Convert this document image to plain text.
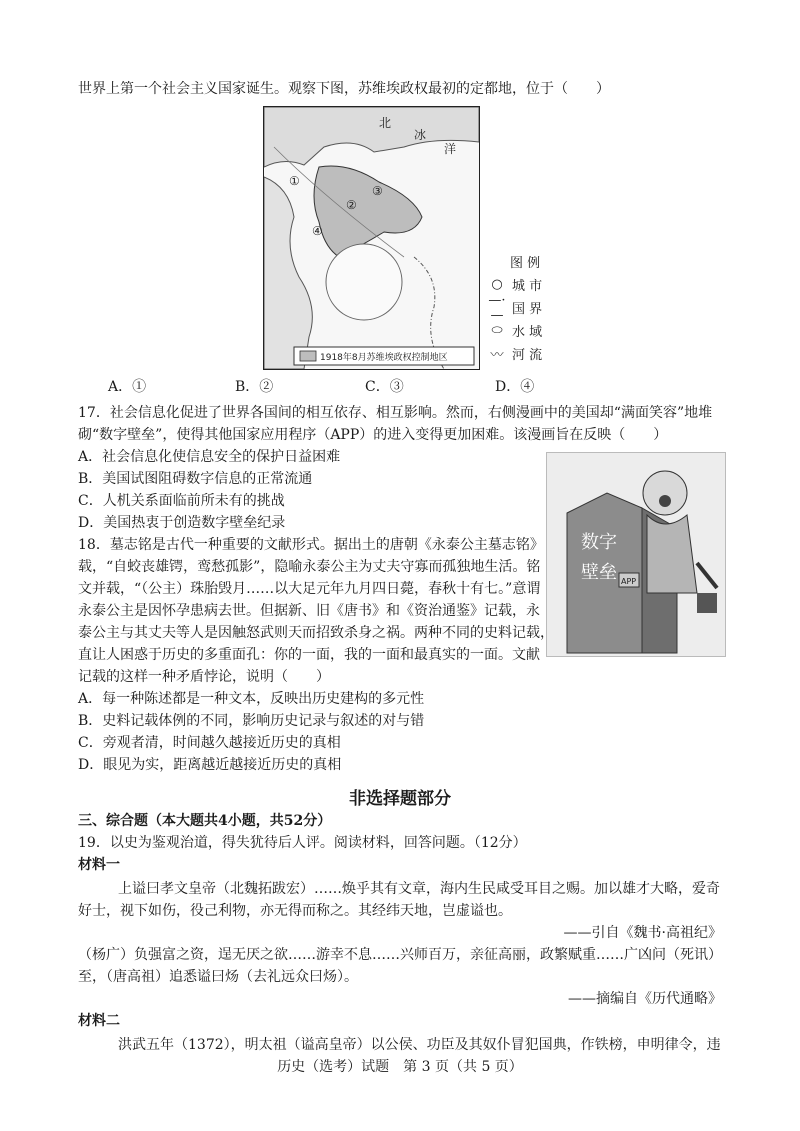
世界上第一个社会主义国家诞生。观察下图，苏维埃政权最初的定都地，位于（　　）
①
②
③
④
北
冰
洋
1918年8月苏维埃政权控制地区
图 例
○ 城 市
—·— 国 界
⬭ 水 域
〰 河 流
A．①	B．②	C．③	D．④
17．社会信息化促进了世界各国间的相互依存、相互影响。然而，右侧漫画中的美国却“满面笑容”地堆
砌“数字壁垒”，使得其他国家应用程序（APP）的进入变得更加困难。该漫画旨在反映（　　）
A．社会信息化使信息安全的保护日益困难
B．美国试图阻碍数字信息的正常流通
C．人机关系面临前所未有的挑战
D．美国热衷于创造数字壁垒纪录
数字
壁垒 APP
18．墓志铭是古代一种重要的文献形式。据出土的唐朝《永泰公主墓志铭》
载，“自蛟丧雄锷，鸾愁孤影”，隐喻永泰公主为丈夫守寡而孤独地生活。铭
文并载，“（公主）珠胎毁月……以大足元年九月四日薨，春秋十有七。”意谓
永泰公主是因怀孕患病去世。但据新、旧《唐书》和《资治通鉴》记载，永
泰公主与其丈夫等人是因触怒武则天而招致杀身之祸。两种不同的史料记载，
直让人困惑于历史的多重面孔：你的一面，我的一面和最真实的一面。文献
记载的这样一种矛盾悖论，说明（　　）
A．每一种陈述都是一种文本，反映出历史建构的多元性
B．史料记载体例的不同，影响历史记录与叙述的对与错
C．旁观者清，时间越久越接近历史的真相
D．眼见为实，距离越近越接近历史的真相
非选择题部分
三、综合题（本大题共4小题，共52分）
19．以史为鉴观治道，得失犹待后人评。阅读材料，回答问题。（12分）
材料一
上谥曰孝文皇帝（北魏拓跋宏）……焕乎其有文章，海内生民咸受耳目之赐。加以雄才大略，爱奇
好士，视下如伤，役己利物，亦无得而称之。其经纬天地，岂虚谥也。
——引自《魏书·高祖纪》
（杨广）负强富之资，逞无厌之欲……游幸不息……兴师百万，亲征高丽，政繁赋重……广凶问（死讯）
至，（唐高祖）追悉谥曰炀（去礼远众曰炀）。
——摘编自《历代通略》
材料二
洪武五年（1372），明太祖（谥高皇帝）以公侯、功臣及其奴仆冒犯国典，作铁榜，申明律令，违
历史（选考）试题　第 3 页（共 5 页）
